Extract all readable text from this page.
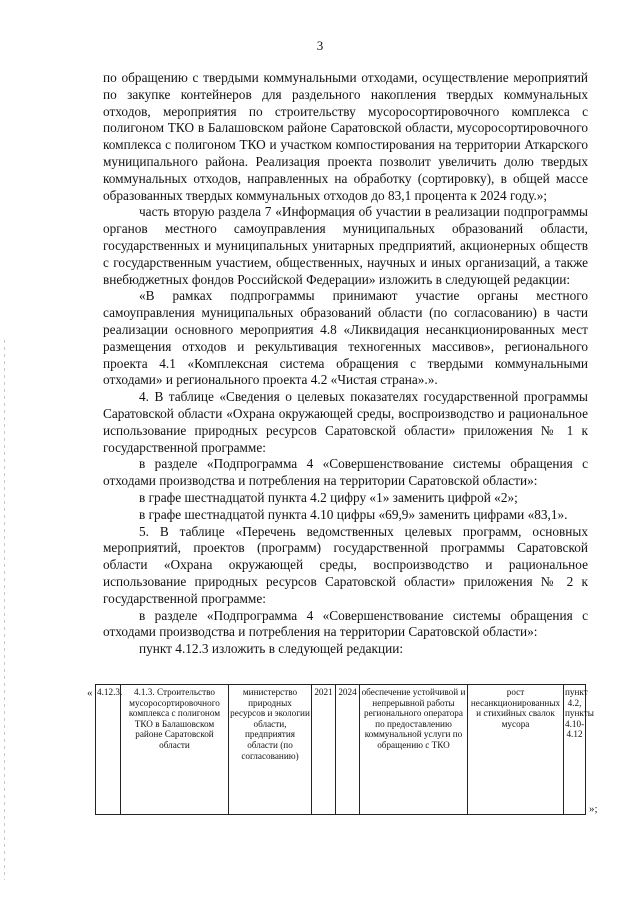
3

по обращению с твердыми коммунальными отходами, осуществление мероприятий по закупке контейнеров для раздельного накопления твердых коммунальных отходов, мероприятия по строительству мусоросортировочного комплекса с полигоном ТКО в Балашовском районе Саратовской области, мусоросортировочного комплекса с полигоном ТКО и участком компостирования на территории Аткарского муниципального района. Реализация проекта позволит увеличить долю твердых коммунальных отходов, направленных на обработку (сортировку), в общей массе образованных твердых коммунальных отходов до 83,1 процента к 2024 году.»;

часть вторую раздела 7 «Информация об участии в реализации подпрограммы органов местного самоуправления муниципальных образований области, государственных и муниципальных унитарных предприятий, акционерных обществ с государственным участием, общественных, научных и иных организаций, а также внебюджетных фондов Российской Федерации» изложить в следующей редакции:

«В рамках подпрограммы принимают участие органы местного самоуправления муниципальных образований области (по согласованию) в части реализации основного мероприятия 4.8 «Ликвидация несанкционированных мест размещения отходов и рекультивация техногенных массивов», регионального проекта 4.1 «Комплексная система обращения с твердыми коммунальными отходами» и регионального проекта 4.2 «Чистая страна».».

4. В таблице «Сведения о целевых показателях государственной программы Саратовской области «Охрана окружающей среды, воспроизводство и рациональное использование природных ресурсов Саратовской области» приложения № 1 к государственной программе:

в разделе «Подпрограмма 4 «Совершенствование системы обращения с отходами производства и потребления на территории Саратовской области»:

в графе шестнадцатой пункта 4.2 цифру «1» заменить цифрой «2»;

в графе шестнадцатой пункта 4.10 цифры «69,9» заменить цифрами «83,1».

5. В таблице «Перечень ведомственных целевых программ, основных мероприятий, проектов (программ) государственной программы Саратовской области «Охрана окружающей среды, воспроизводство и рациональное использование природных ресурсов Саратовской области» приложения № 2 к государственной программе:

в разделе «Подпрограмма 4 «Совершенствование системы обращения с отходами производства и потребления на территории Саратовской области»:

пункт 4.12.3 изложить в следующей редакции:

« 4.12.3.	4.1.3. Строительство мусоросортировочного комплекса с полигоном ТКО в Балашовском районе Саратовской области	министерство природных ресурсов и экологии области, предприятия области (по согласованию)	2021	2024	обеспечение устойчивой и непрерывной работы регионального оператора по предоставлению коммунальной услуги по обращению с ТКО	рост несанкционированных и стихийных свалок мусора	пункт 4.2, пункты 4.10-4.12
»;
